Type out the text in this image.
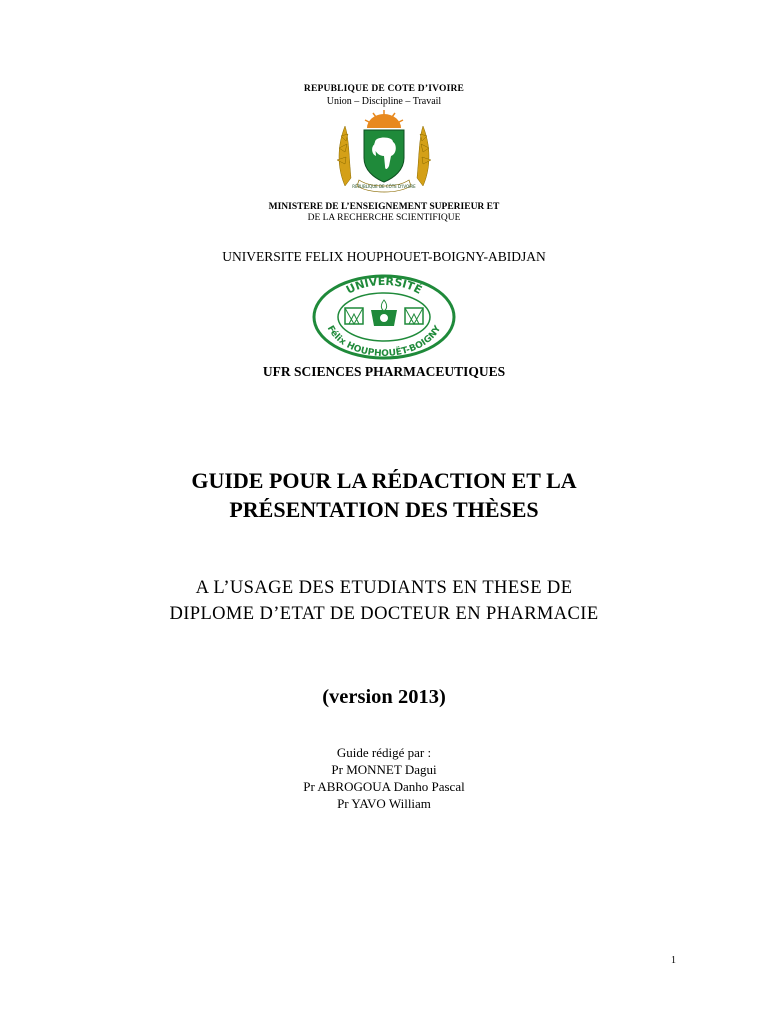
REPUBLIQUE DE COTE D’IVOIRE
Union – Discipline – Travail
RÉPUBLIQUE DE CÔTE D'IVOIRE
MINISTERE DE L’ENSEIGNEMENT SUPERIEUR ET
DE LA RECHERCHE SCIENTIFIQUE
UNIVERSITE FELIX HOUPHOUET-BOIGNY-ABIDJAN
UNIVERSITÉ
Félix HOUPHOUËT-BOIGNY
UFR SCIENCES PHARMACEUTIQUES
GUIDE POUR LA RÉDACTION ET LA
PRÉSENTATION DES THÈSES
A L’USAGE DES ETUDIANTS EN THESE DE
DIPLOME D’ETAT DE DOCTEUR EN PHARMACIE
(version 2013)
Guide rédigé par :
Pr MONNET Dagui
Pr ABROGOUA Danho Pascal
Pr YAVO William
1
